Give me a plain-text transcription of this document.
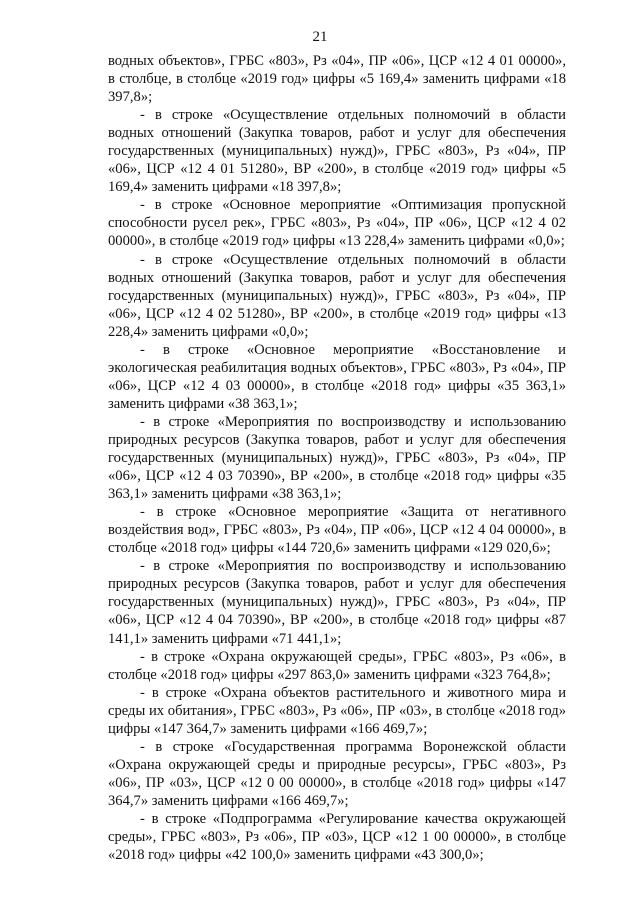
21

водных объектов», ГРБС «803», Рз «04», ПР «06», ЦСР «12 4 01 00000», в столбце, в столбце «2019 год» цифры «5 169,4» заменить цифрами «18 397,8»;

- в строке «Осуществление отдельных полномочий в области водных отношений (Закупка товаров, работ и услуг для обеспечения государственных (муниципальных) нужд)», ГРБС «803», Рз «04», ПР «06», ЦСР «12 4 01 51280», ВР «200», в столбце «2019 год» цифры «5 169,4» заменить цифрами «18 397,8»;

- в строке «Основное мероприятие «Оптимизация пропускной способности русел рек», ГРБС «803», Рз «04», ПР «06», ЦСР «12 4 02 00000», в столбце «2019 год» цифры «13 228,4» заменить цифрами «0,0»;

- в строке «Осуществление отдельных полномочий в области водных отношений (Закупка товаров, работ и услуг для обеспечения государственных (муниципальных) нужд)», ГРБС «803», Рз «04», ПР «06», ЦСР «12 4 02 51280», ВР «200», в столбце «2019 год» цифры «13 228,4» заменить цифрами «0,0»;

- в строке «Основное мероприятие «Восстановление и экологическая реабилитация водных объектов», ГРБС «803», Рз «04», ПР «06», ЦСР «12 4 03 00000», в столбце «2018 год» цифры «35 363,1» заменить цифрами «38 363,1»;

- в строке «Мероприятия по воспроизводству и использованию природных ресурсов (Закупка товаров, работ и услуг для обеспечения государственных (муниципальных) нужд)», ГРБС «803», Рз «04», ПР «06», ЦСР «12 4 03 70390», ВР «200», в столбце «2018 год» цифры «35 363,1» заменить цифрами «38 363,1»;

- в строке «Основное мероприятие «Защита от негативного воздействия вод», ГРБС «803», Рз «04», ПР «06», ЦСР «12 4 04 00000», в столбце «2018 год» цифры «144 720,6» заменить цифрами «129 020,6»;

- в строке «Мероприятия по воспроизводству и использованию природных ресурсов (Закупка товаров, работ и услуг для обеспечения государственных (муниципальных) нужд)», ГРБС «803», Рз «04», ПР «06», ЦСР «12 4 04 70390», ВР «200», в столбце «2018 год» цифры «87 141,1» заменить цифрами «71 441,1»;

- в строке «Охрана окружающей среды», ГРБС «803», Рз «06», в столбце «2018 год» цифры «297 863,0» заменить цифрами «323 764,8»;

- в строке «Охрана объектов растительного и животного мира и среды их обитания», ГРБС «803», Рз «06», ПР «03», в столбце «2018 год» цифры «147 364,7» заменить цифрами «166 469,7»;

- в строке «Государственная программа Воронежской области «Охрана окружающей среды и природные ресурсы», ГРБС «803», Рз «06», ПР «03», ЦСР «12 0 00 00000», в столбце «2018 год» цифры «147 364,7» заменить цифрами «166 469,7»;

- в строке «Подпрограмма «Регулирование качества окружающей среды», ГРБС «803», Рз «06», ПР «03», ЦСР «12 1 00 00000», в столбце «2018 год» цифры «42 100,0» заменить цифрами «43 300,0»;
